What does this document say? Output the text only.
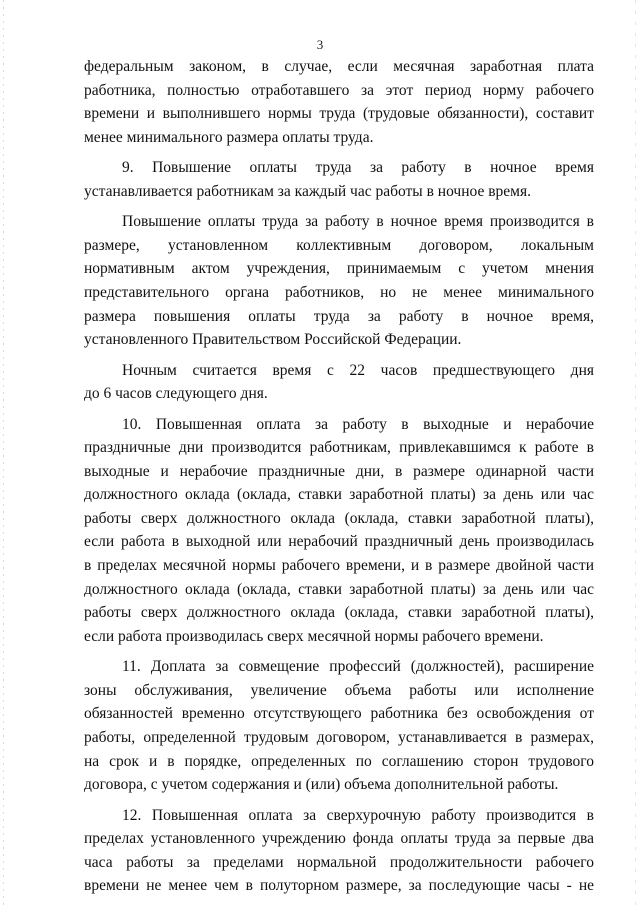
3

федеральным законом, в случае, если месячная заработная плата
работника, полностью отработавшего за этот период норму рабочего
времени и выполнившего нормы труда (трудовые обязанности), составит
менее минимального размера оплаты труда.

9. Повышение оплаты труда за работу в ночное время
устанавливается работникам за каждый час работы в ночное время.

Повышение оплаты труда за работу в ночное время производится в
размере, установленном коллективным договором, локальным
нормативным актом учреждения, принимаемым с учетом мнения
представительного органа работников, но не менее минимального
размера повышения оплаты труда за работу в ночное время,
установленного Правительством Российской Федерации.

Ночным считается время с 22 часов предшествующего дня
до 6 часов следующего дня.

10. Повышенная оплата за работу в выходные и нерабочие
праздничные дни производится работникам, привлекавшимся к работе в
выходные и нерабочие праздничные дни, в размере одинарной части
должностного оклада (оклада, ставки заработной платы) за день или час
работы сверх должностного оклада (оклада, ставки заработной платы),
если работа в выходной или нерабочий праздничный день производилась
в пределах месячной нормы рабочего времени, и в размере двойной части
должностного оклада (оклада, ставки заработной платы) за день или час
работы сверх должностного оклада (оклада, ставки заработной платы),
если работа производилась сверх месячной нормы рабочего времени.

11. Доплата за совмещение профессий (должностей), расширение
зоны обслуживания, увеличение объема работы или исполнение
обязанностей временно отсутствующего работника без освобождения от
работы, определенной трудовым договором, устанавливается в размерах,
на срок и в порядке, определенных по соглашению сторон трудового
договора, с учетом содержания и (или) объема дополнительной работы.

12. Повышенная оплата за сверхурочную работу производится в
пределах установленного учреждению фонда оплаты труда за первые два
часа работы за пределами нормальной продолжительности рабочего
времени не менее чем в полуторном размере, за последующие часы - не
